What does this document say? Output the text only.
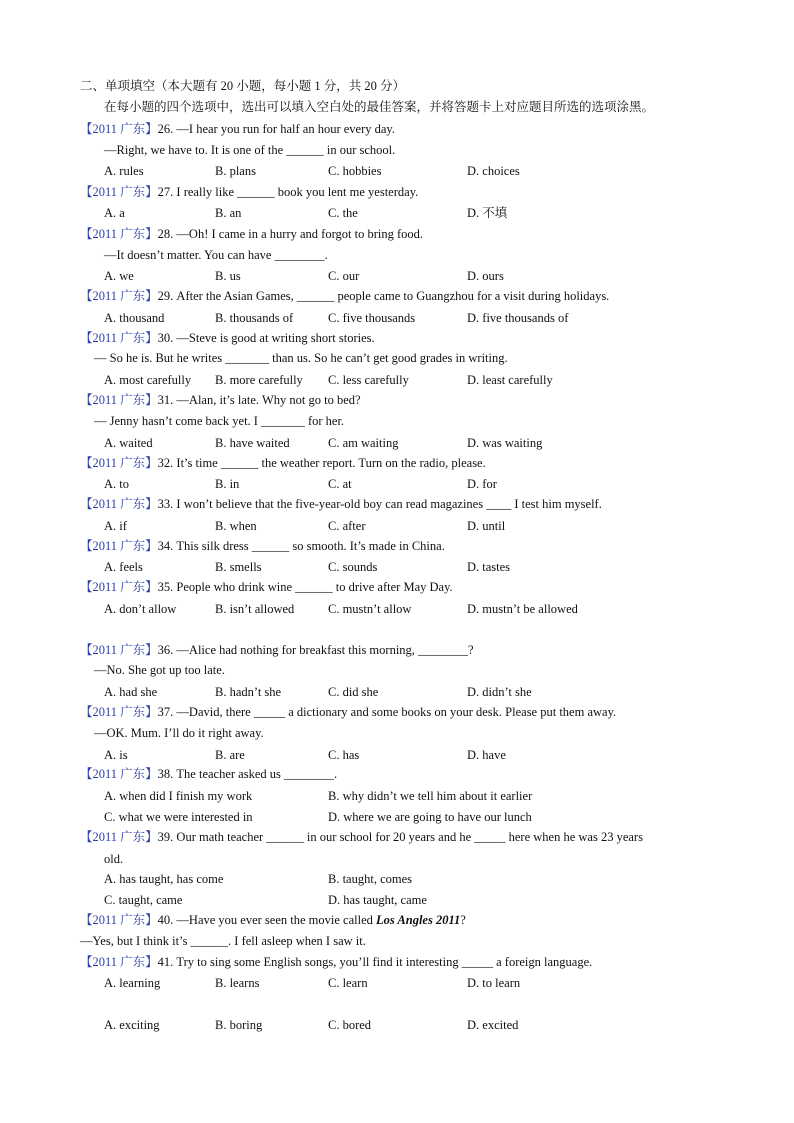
二、单项填空（本大题有 20 小题，每小题 1 分，共 20 分）
在每小题的四个选项中，选出可以填入空白处的最佳答案，并将答题卡上对应题目所选的选项涂黑。
【2011 广东】26. —I hear you run for half an hour every day.
—Right, we have to. It is one of the ______ in our school.
A. rules	B. plans	C. hobbies	D. choices
【2011 广东】27. I really like ______ book you lent me yesterday.
A. a	B. an	C. the	D. 不填
【2011 广东】28. —Oh! I came in a hurry and forgot to bring food.
—It doesn’t matter. You can have ________.
A. we	B. us	C. our	D. ours
【2011 广东】29. After the Asian Games, ______ people came to Guangzhou for a visit during holidays.
A. thousand	B. thousands of	C. five thousands	D. five thousands of
【2011 广东】30. —Steve is good at writing short stories.
— So he is. But he writes _______ than us. So he can’t get good grades in writing.
A. most carefully B. more carefully C. less carefully	D. least carefully
【2011 广东】31. —Alan, it’s late. Why not go to bed?
— Jenny hasn’t come back yet. I _______ for her.
A. waited	B. have waited	C. am waiting	D. was waiting
【2011 广东】32. It’s time ______ the weather report. Turn on the radio, please.
A. to	B. in	C. at	D. for
【2011 广东】33. I won’t believe that the five-year-old boy can read magazines ____ I test him myself.
A. if	B. when	C. after	D. until
【2011 广东】34. This silk dress ______ so smooth. It’s made in China.
A. feels	B. smells	C. sounds	D. tastes
【2011 广东】35. People who drink wine ______ to drive after May Day.
A. don’t allow	B. isn’t allowed	C. mustn’t allow	D. mustn’t be allowed
【2011 广东】36. —Alice had nothing for breakfast this morning, ________?
—No. She got up too late.
A. had she	B. hadn’t she	C. did she	D. didn’t she
【2011 广东】37. —David, there _____ a dictionary and some books on your desk. Please put them away.
—OK. Mum. I’ll do it right away.
A. is	B. are	C. has	D. have
【2011 广东】38. The teacher asked us ________.
A. when did I finish my work	B. why didn’t we tell him about it earlier
C. what we were interested in	D. where we are going to have our lunch
【2011 广东】39. Our math teacher ______ in our school for 20 years and he _____ here when he was 23 years
old.
A. has taught, has come	B. taught, comes
C. taught, came	D. has taught, came
【2011 广东】40. —Have you ever seen the movie called Los Angles 2011?
—Yes, but I think it’s ______. I fell asleep when I saw it.
【2011 广东】41. Try to sing some English songs, you’ll find it interesting _____ a foreign language.
A. learning	B. learns	C. learn	D. to learn
A. exciting	B. boring	C. bored	D. excited
